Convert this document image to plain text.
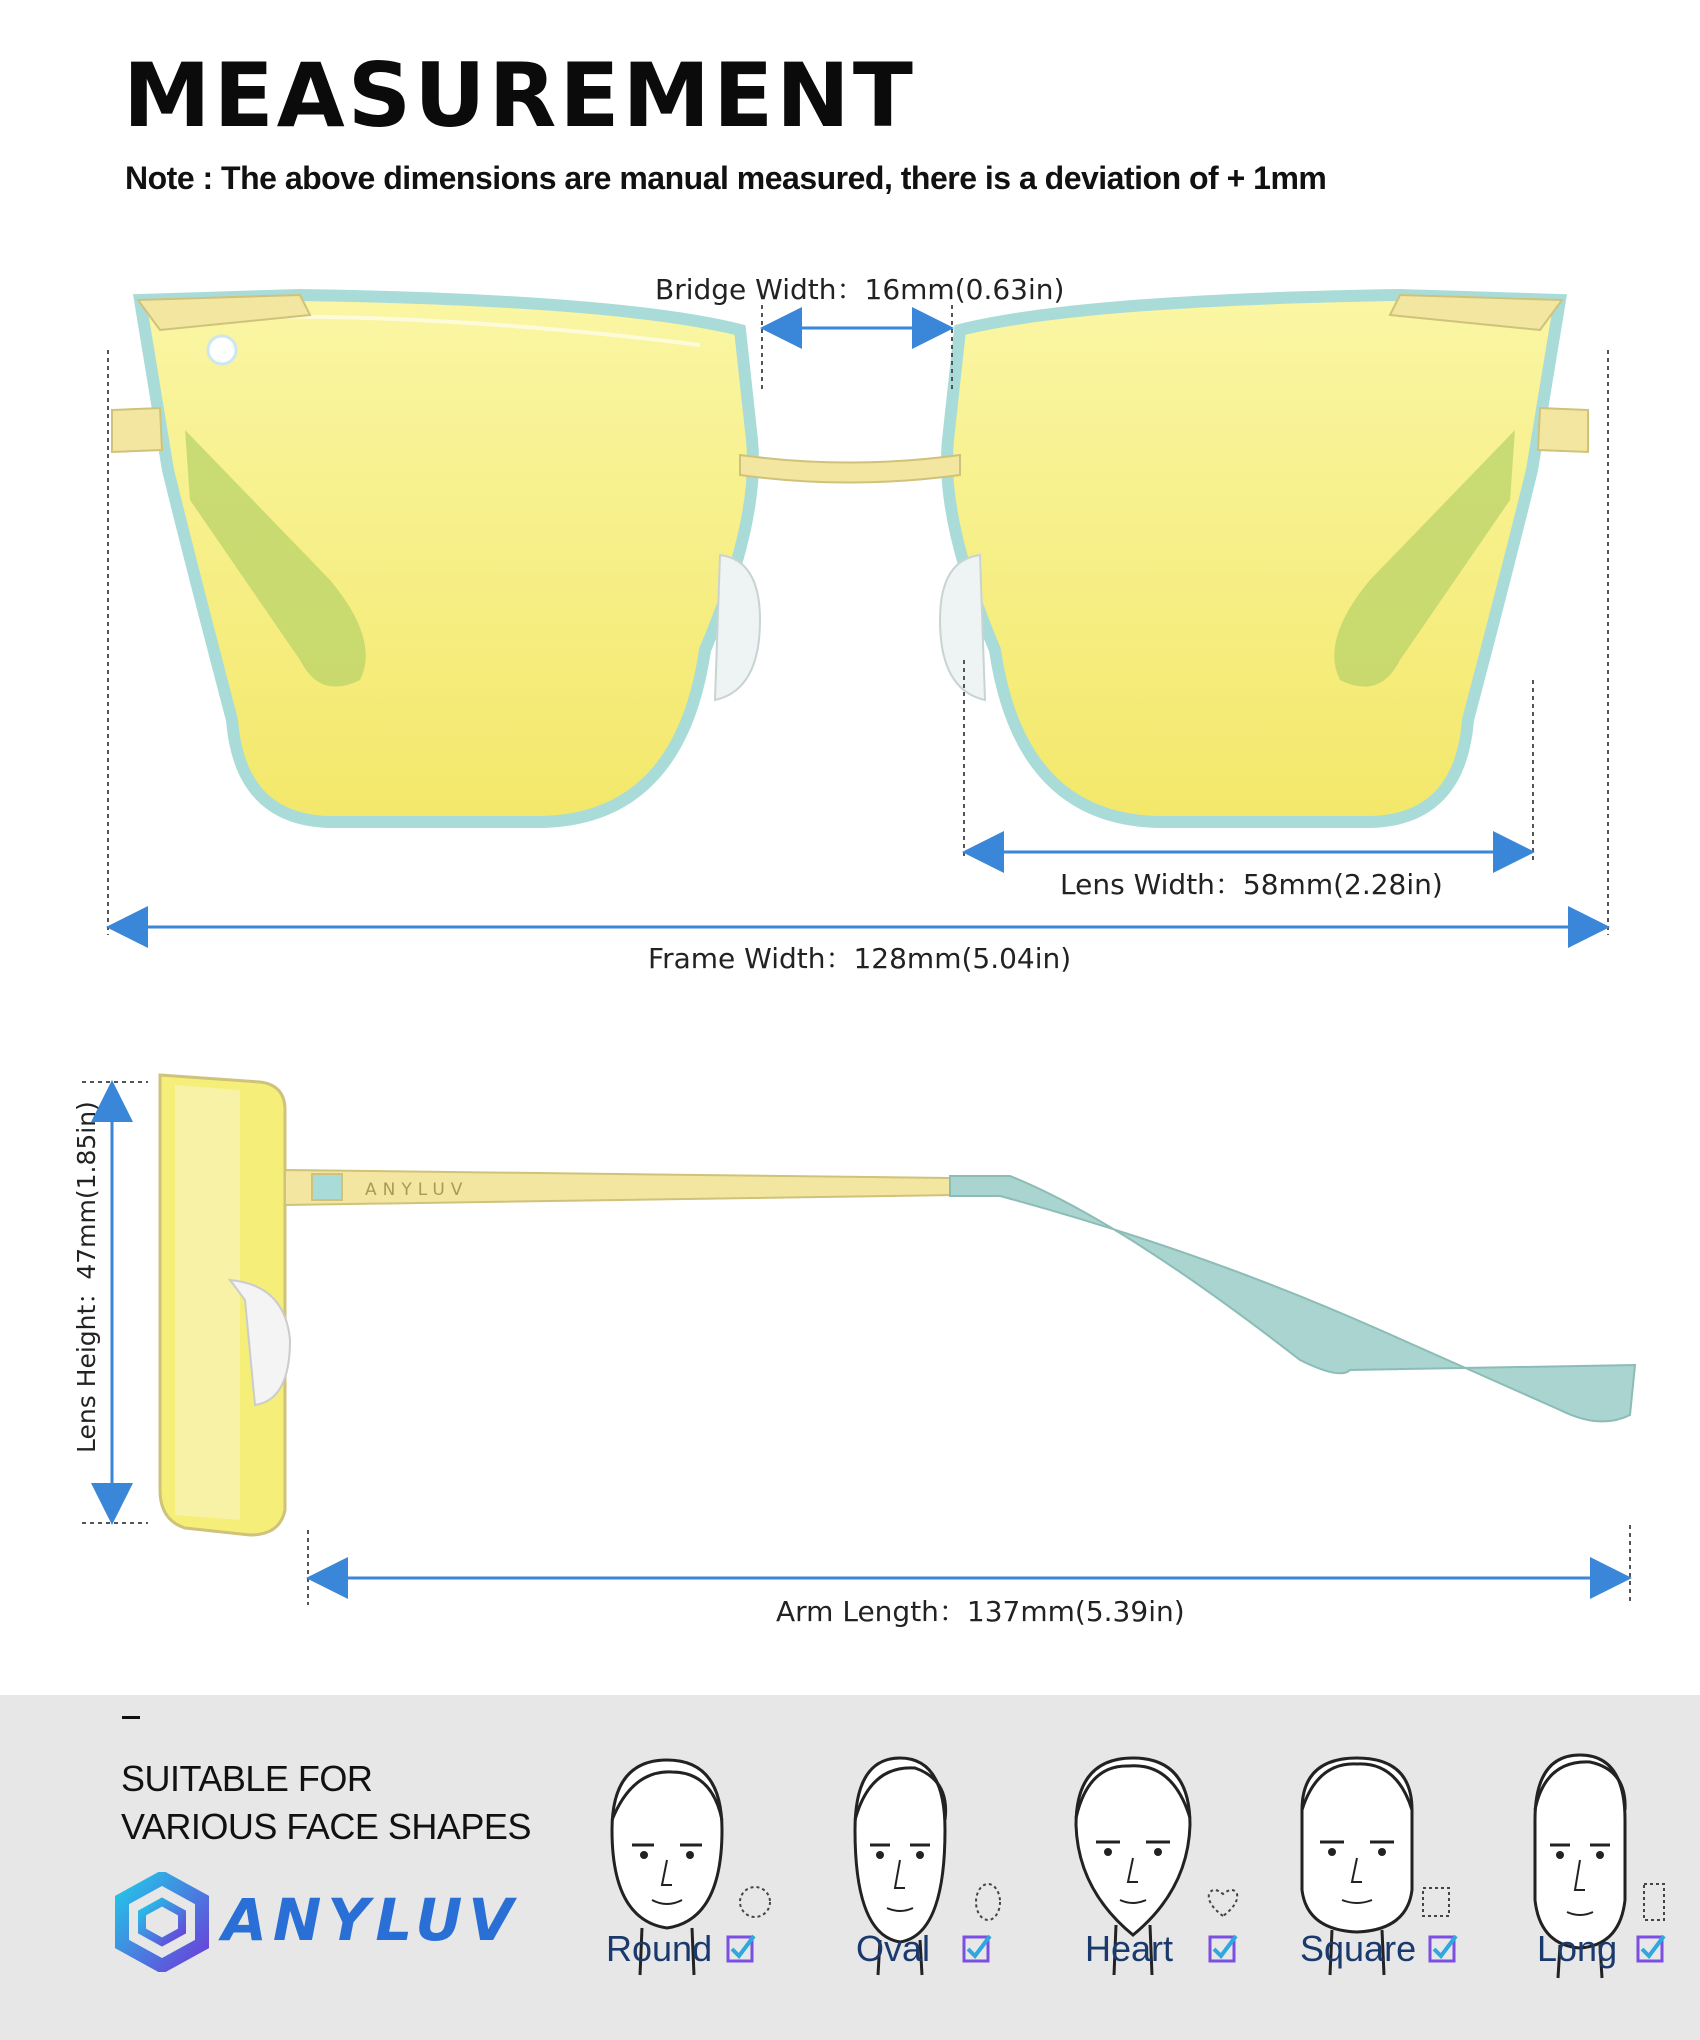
MEASUREMENT

Note : The above dimensions are manual measured, there is a deviation of + 1mm

ANYLUV
Bridge Width：16mm(0.63in)
Lens Width：58mm(2.28in)
Frame Width：128mm(5.04in)
Lens Height：47mm(1.85in)
Arm Length：137mm(5.39in)
SUITABLE FOR
VARIOUS FACE SHAPES
ANYLUV Round	Oval	Heart	Square	Long
